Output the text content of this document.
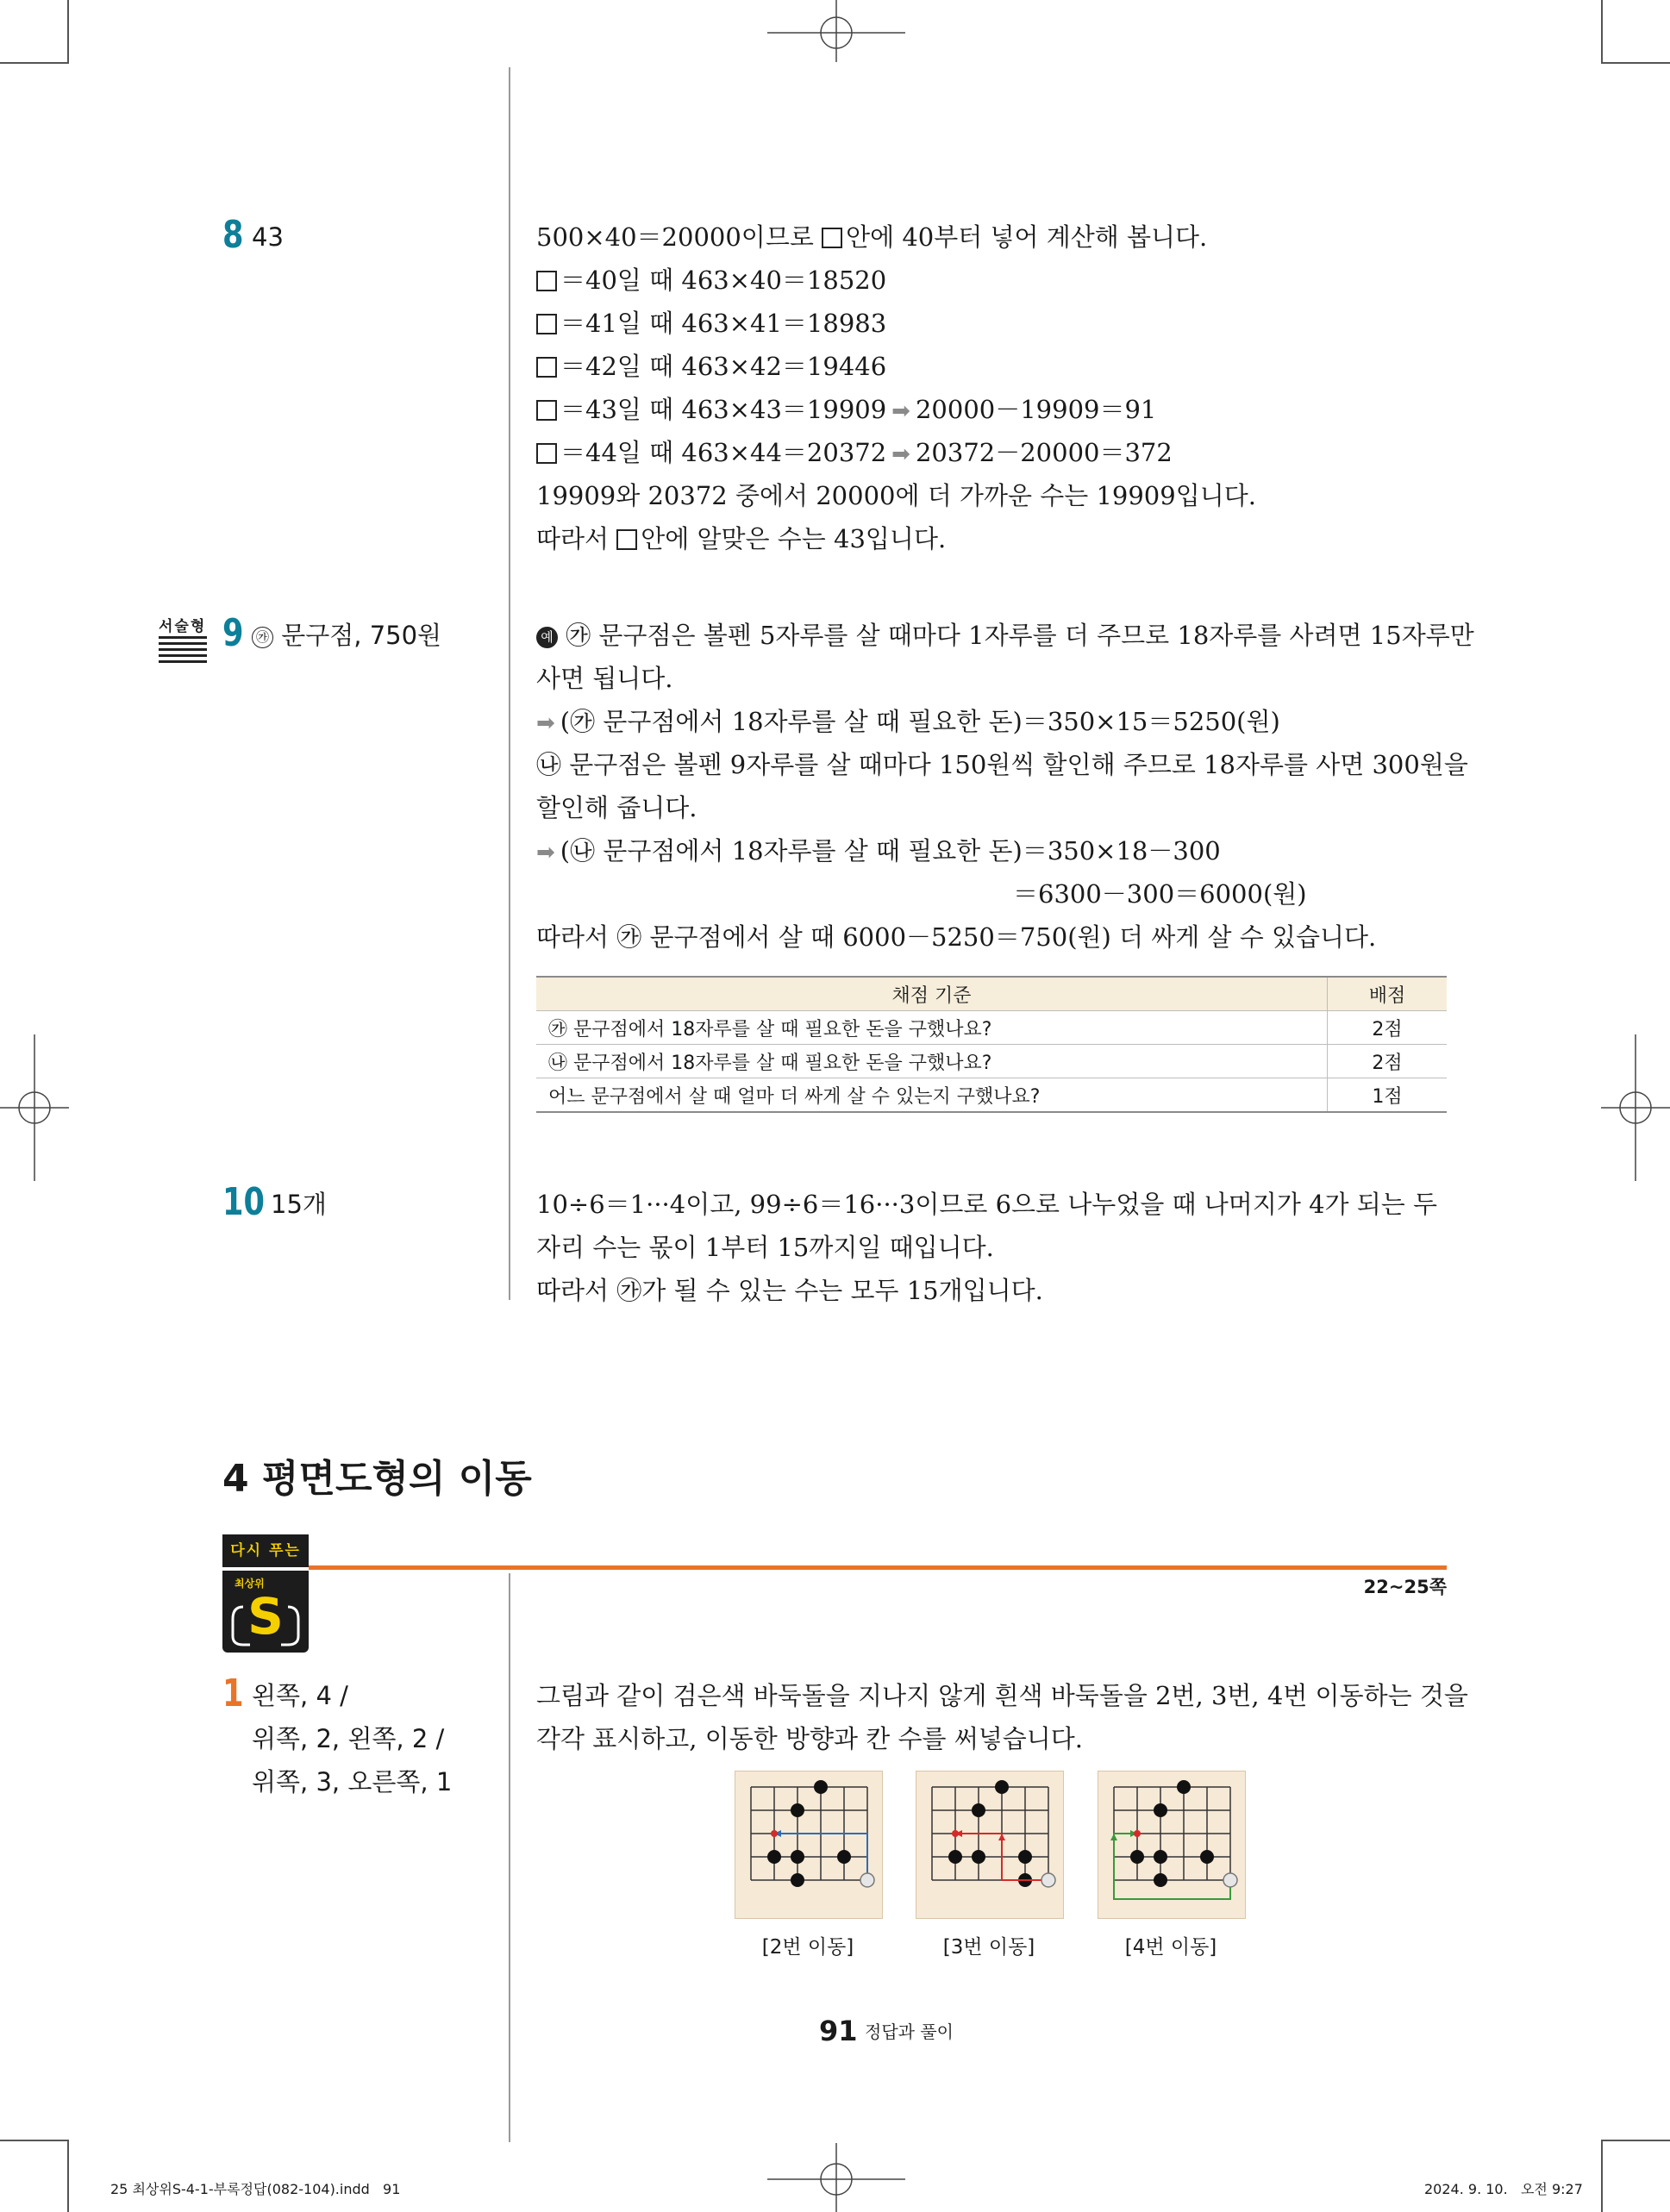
8 43	500×40＝20000이므로 안에 40부터 넣어 계산해 봅니다.
＝40일 때 463×40＝18520
＝41일 때 463×41＝18983
＝42일 때 463×42＝19446
＝43일 때 463×43＝19909 ➡ 20000－19909＝91
＝44일 때 463×44＝20372 ➡ 20372－20000＝372
19909와 20372 중에서 20000에 더 가까운 수는 19909입니다.
따라서 안에 알맞은 수는 43입니다.
서술형 9 ㉮ 문구점, 750원	예 ㉮ 문구점은 볼펜 5자루를 살 때마다 1자루를 더 주므로 18자루를 사려면 15자루만
사면 됩니다.
➡ (㉮ 문구점에서 18자루를 살 때 필요한 돈)＝350×15＝5250(원)
㉯ 문구점은 볼펜 9자루를 살 때마다 150원씩 할인해 주므로 18자루를 사면 300원을
할인해 줍니다.
➡ (㉯ 문구점에서 18자루를 살 때 필요한 돈)＝350×18－300
＝6300－300＝6000(원)
따라서 ㉮ 문구점에서 살 때 6000－5250＝750(원) 더 싸게 살 수 있습니다.
채점 기준	배점
㉮ 문구점에서 18자루를 살 때 필요한 돈을 구했나요?	2점
㉯ 문구점에서 18자루를 살 때 필요한 돈을 구했나요?	2점
어느 문구점에서 살 때 얼마 더 싸게 살 수 있는지 구했나요?	1점
10 15개	10÷6＝1···4이고, 99÷6＝16···3이므로 6으로 나누었을 때 나머지가 4가 되는 두
자리 수는 몫이 1부터 15까지일 때입니다.
따라서 ㉮가 될 수 있는 수는 모두 15개입니다.
4 평면도형의 이동
다시 푸는
최상위
S	22~25쪽
1 왼쪽, 4 /
위쪽, 2, 왼쪽, 2 /
위쪽, 3, 오른쪽, 1
그림과 같이 검은색 바둑돌을 지나지 않게 흰색 바둑돌을 2번, 3번, 4번 이동하는 것을
각각 표시하고, 이동한 방향과 칸 수를 써넣습니다.
[2번 이동]	[3번 이동]	[4번 이동]
91 정답과 풀이
25 최상위S-4-1-부록정답(082-104).indd   91	2024. 9. 10.   오전 9:27
